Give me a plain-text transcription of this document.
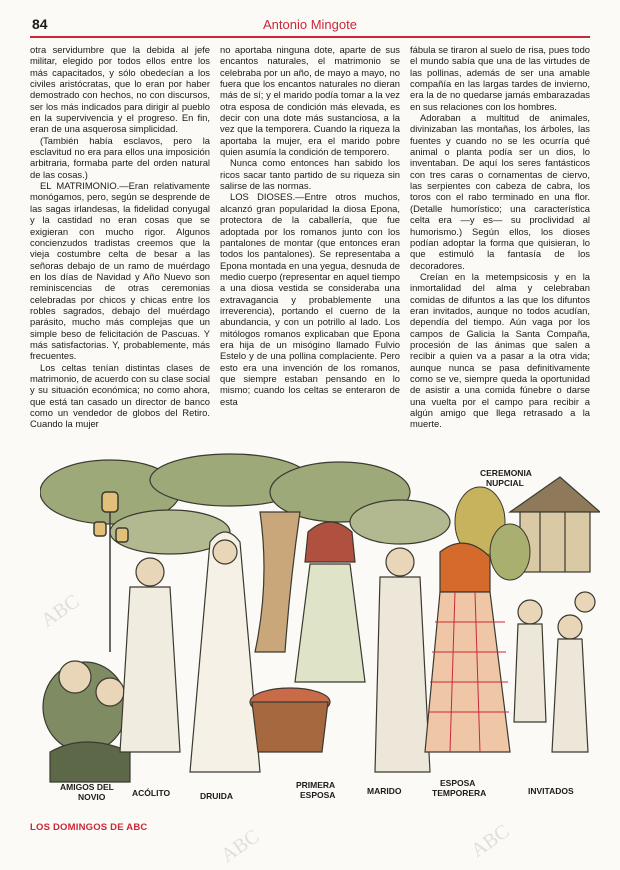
84	Antonio Mingote

otra servidumbre que la debida al jefe militar, elegido por todos ellos entre los más capacitados, y sólo obedecían a los civiles aristócratas, que lo eran por haber demostrado con hechos, no con discursos, ser los más indicados para dirigir al pueblo en la supervivencia y el progreso. En fin, eran de una asquerosa simplicidad.

(También había esclavos, pero la esclavitud no era para ellos una imposición arbitraria, formaba parte del orden natural de las cosas.)

EL MATRIMONIO.—Eran relativamente monógamos, pero, según se desprende de las sagas irlandesas, la fidelidad conyugal y la castidad no eran cosas que se exigieran con mucho rigor. Algunos concienzudos tradistas creemos que la vieja costumbre celta de besar a las señoras debajo de un ramo de muérdago en los días de Navidad y Año Nuevo son reminiscencias de otras ceremonias celebradas por chicos y chicas entre los robles sagrados, debajo del muérdago parásito, mucho más complejas que un simple beso de felicitación de Pascuas. Y más satisfactorias. Y, probablemente, más frecuentes.

Los celtas tenían distintas clases de matrimonio, de acuerdo con su clase social y su situación económica; no como ahora, que está tan casado un director de banco como un vendedor de globos del Retiro. Cuando la mujer

no aportaba ninguna dote, aparte de sus encantos naturales, el matrimonio se celebraba por un año, de mayo a mayo, no fuera que los encantos naturales no dieran más de sí; y el marido podía tomar a la vez otra esposa de condición más elevada, es decir con una dote más sustanciosa, a la vez que la temporera. Cuando la riqueza la aportaba la mujer, era el marido pobre quien asumía la condición de temporero.

Nunca como entonces han sabido los ricos sacar tanto partido de su riqueza sin salirse de las normas.

LOS DIOSES.—Entre otros muchos, alcanzó gran popularidad la diosa Epona, protectora de la caballería, que fue adoptada por los romanos junto con los pantalones de montar (que entonces eran todos los pantalones). Se representaba a Epona montada en una yegua, desnuda de medio cuerpo (representar en aquel tiempo a una diosa vestida se consideraba una extravagancia y probablemente una irreverencia), portando el cuerno de la abundancia, y con un potrillo al lado. Los mitólogos romanos explicaban que Epona era hija de un misógino llamado Fulvio Estelo y de una pollina complaciente. Pero esto era una invención de los romanos, que siempre estaban pensando en lo mismo; cuando los celtas se enteraron de esta

fábula se tiraron al suelo de risa, pues todo el mundo sabía que una de las virtudes de las pollinas, además de ser una amable compañía en las largas tardes de invierno, era la de no quedarse jamás embarazadas en sus relaciones con los hombres.

Adoraban a multitud de animales, divinizaban las montañas, los árboles, las fuentes y cuando no se les ocurría qué animal o planta podía ser un dios, lo inventaban. De aquí los seres fantásticos con tres caras o cornamentas de ciervo, las serpientes con cabeza de cabra, los toros con el rabo terminado en una flor. (Detalle humorístico; una característica celta era —y es— su proclividad al humorismo.) Según ellos, los dioses podían adoptar la forma que quisieran, lo que estimuló la fantasía de los decoradores.

Creían en la metempsicosis y en la inmortalidad del alma y celebraban comidas de difuntos a las que los difuntos eran invitados, aunque no todos acudían, dependía del tiempo. Aún vaga por los campos de Galicia la Santa Compaña, procesión de las ánimas que salen a recibir a quien va a pasar a la otra vida; aunque nunca se pasa definitivamente como se ve, siempre queda la oportunidad de asistir a una comida fúnebre o darse una vuelta por el campo para recibir a algún amigo que llega retrasado a la muerte.

CEREMONIA
NUPCIAL
AMIGOS DEL
NOVIO	ACÓLITO	DRUIDA
PRIMERA
ESPOSA	MARIDO
ESPOSA
TEMPORERA	INVITADOS
LOS DOMINGOS DE ABC
ABC
ABC	ABC
